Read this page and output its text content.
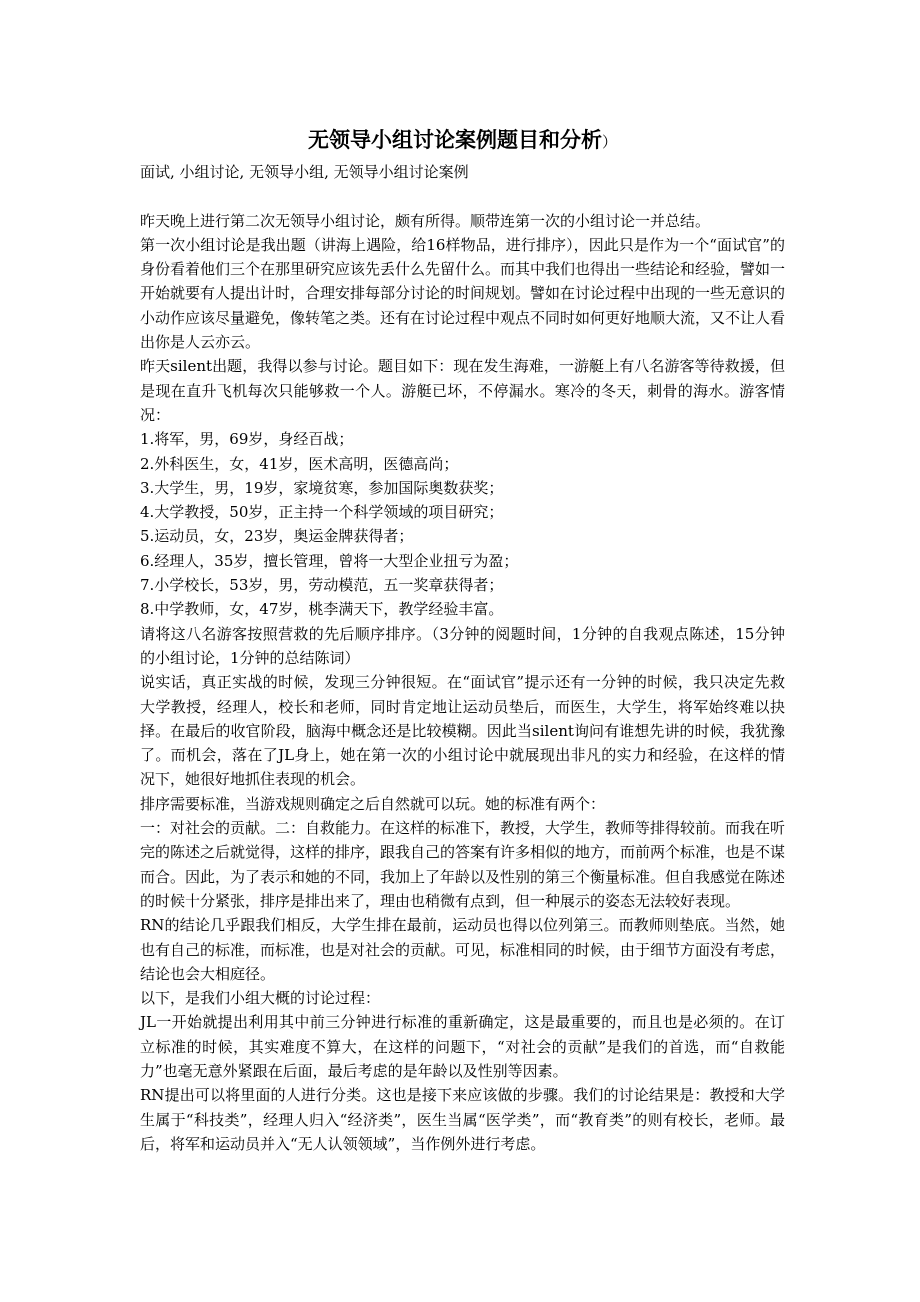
无领导小组讨论案例题目和分析）

面试, 小组讨论, 无领导小组, 无领导小组讨论案例

昨天晚上进行第二次无领导小组讨论，颇有所得。顺带连第一次的小组讨论一并总结。

第一次小组讨论是我出题（讲海上遇险，给16样物品，进行排序），因此只是作为一个“面试官”的身份看着他们三个在那里研究应该先丢什么先留什么。而其中我们也得出一些结论和经验，譬如一开始就要有人提出计时，合理安排每部分讨论的时间规划。譬如在讨论过程中出现的一些无意识的小动作应该尽量避免，像转笔之类。还有在讨论过程中观点不同时如何更好地顺大流，又不让人看出你是人云亦云。

昨天silent出题，我得以参与讨论。题目如下：现在发生海难，一游艇上有八名游客等待救援，但是现在直升飞机每次只能够救一个人。游艇已坏，不停漏水。寒冷的冬天，刺骨的海水。游客情况：

1.将军，男，69岁，身经百战；

2.外科医生，女，41岁，医术高明，医德高尚；

3.大学生，男，19岁，家境贫寒，参加国际奥数获奖；

4.大学教授，50岁，正主持一个科学领域的项目研究；

5.运动员，女，23岁，奥运金牌获得者；

6.经理人，35岁，擅长管理，曾将一大型企业扭亏为盈；

7.小学校长，53岁，男，劳动模范，五一奖章获得者；

8.中学教师，女，47岁，桃李满天下，教学经验丰富。

请将这八名游客按照营救的先后顺序排序。（3分钟的阅题时间，1分钟的自我观点陈述，15分钟的小组讨论，1分钟的总结陈词）

说实话，真正实战的时候，发现三分钟很短。在“面试官”提示还有一分钟的时候，我只决定先救大学教授，经理人，校长和老师，同时肯定地让运动员垫后，而医生，大学生，将军始终难以抉择。在最后的收官阶段，脑海中概念还是比较模糊。因此当silent询问有谁想先讲的时候，我犹豫了。而机会，落在了JL身上，她在第一次的小组讨论中就展现出非凡的实力和经验，在这样的情况下，她很好地抓住表现的机会。

排序需要标准，当游戏规则确定之后自然就可以玩。她的标准有两个：

一：对社会的贡献。二：自救能力。在这样的标准下，教授，大学生，教师等排得较前。而我在听完的陈述之后就觉得，这样的排序，跟我自己的答案有许多相似的地方，而前两个标准，也是不谋而合。因此，为了表示和她的不同，我加上了年龄以及性别的第三个衡量标准。但自我感觉在陈述的时候十分紧张，排序是排出来了，理由也稍微有点到，但一种展示的姿态无法较好表现。

RN的结论几乎跟我们相反，大学生排在最前，运动员也得以位列第三。而教师则垫底。当然，她也有自己的标准，而标准，也是对社会的贡献。可见，标准相同的时候，由于细节方面没有考虑，结论也会大相庭径。

以下，是我们小组大概的讨论过程：

JL一开始就提出利用其中前三分钟进行标准的重新确定，这是最重要的，而且也是必须的。在订立标准的时候，其实难度不算大，在这样的问题下，“对社会的贡献”是我们的首选，而“自救能力”也毫无意外紧跟在后面，最后考虑的是年龄以及性别等因素。

RN提出可以将里面的人进行分类。这也是接下来应该做的步骤。我们的讨论结果是：教授和大学生属于“科技类”，经理人归入“经济类”，医生当属“医学类”，而“教育类”的则有校长，老师。最后，将军和运动员并入“无人认领领域”，当作例外进行考虑。
